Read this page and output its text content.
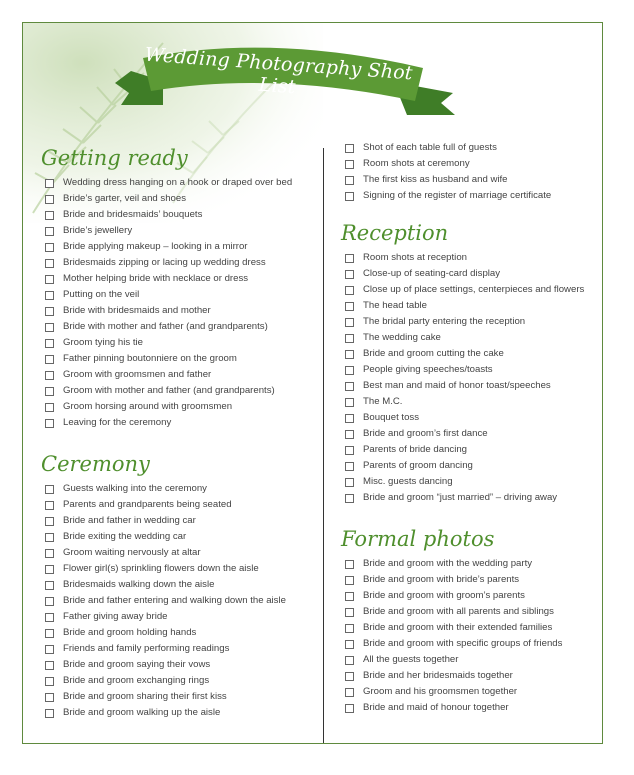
Wedding Photography Shot List
Getting ready
Wedding dress hanging on a hook or draped over bed
Bride’s garter, veil and shoes
Bride and bridesmaids’ bouquets
Bride’s jewellery
Bride applying makeup – looking in a mirror
Bridesmaids zipping or lacing up wedding dress
Mother helping bride with necklace or dress
Putting on the veil
Bride with bridesmaids and mother
Bride with mother and father (and grandparents)
Groom tying his tie
Father pinning boutonniere on the groom
Groom with groomsmen and father
Groom with mother and father (and grandparents)
Groom horsing around with groomsmen
Leaving for the ceremony
Ceremony
Guests walking into the ceremony
Parents and grandparents being seated
Bride and father in wedding car
Bride exiting the wedding car
Groom waiting nervously at altar
Flower girl(s) sprinkling flowers down the aisle
Bridesmaids walking down the aisle
Bride and father entering and walking down the aisle
Father giving away bride
Bride and groom holding hands
Friends and family performing readings
Bride and groom saying their vows
Bride and groom exchanging rings
Bride and groom sharing their first kiss
Bride and groom walking up the aisle
Shot of each table full of guests
Room shots at ceremony
The first kiss as husband and wife
Signing of the register of marriage certificate
Reception
Room shots at reception
Close-up of seating-card display
Close up of place settings, centerpieces and flowers
The head table
The bridal party entering the reception
The wedding cake
Bride and groom cutting the cake
People giving speeches/toasts
Best man and maid of honor toast/speeches
The M.C.
Bouquet toss
Bride and groom’s first dance
Parents of bride dancing
Parents of groom dancing
Misc. guests dancing
Bride and groom “just married” – driving away
Formal photos
Bride and groom with the wedding party
Bride and groom with bride’s parents
Bride and groom with groom’s parents
Bride and groom with all parents and siblings
Bride and groom with their extended families
Bride and groom with specific groups of friends
All the guests together
Bride and her bridesmaids together
Groom and his groomsmen together
Bride and maid of honour together
